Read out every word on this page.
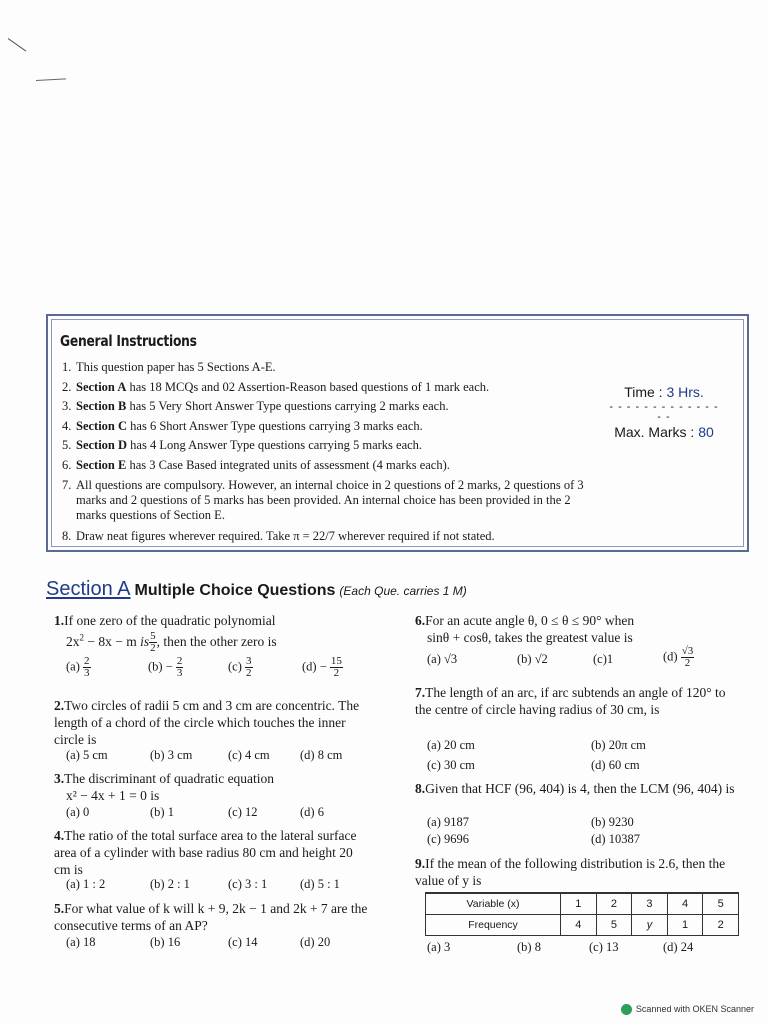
General Instructions
1. This question paper has 5 Sections A-E.
2. Section A has 18 MCQs and 02 Assertion-Reason based questions of 1 mark each.
3. Section B has 5 Very Short Answer Type questions carrying 2 marks each.
4. Section C has 6 Short Answer Type questions carrying 3 marks each.
5. Section D has 4 Long Answer Type questions carrying 5 marks each.
6. Section E has 3 Case Based integrated units of assessment (4 marks each).
7. All questions are compulsory. However, an internal choice in 2 questions of 2 marks, 2 questions of 3 marks and 2 questions of 5 marks has been provided. An internal choice has been provided in the 2 marks questions of Section E.
8. Draw neat figures wherever required. Take π = 22/7 wherever required if not stated.
Time : 3 Hrs.
- - - - - - - - - - - - - - -
Max. Marks : 80
Section A Multiple Choice Questions (Each Que. carries 1 M)
1.If one zero of the quadratic polynomial
$2x^2 - 8x - m$ is $\frac{5}{2}$ , then the other zero is
$(a) \frac{2}{3}$	$(b) - \frac{2}{3}$	$(c) \frac{3}{2}$	$(d) - \frac{15}{2}$
2.Two circles of radii 5 cm and 3 cm are concentric. The length of a chord of the circle which touches the inner circle is
(a) 5 cm	(b) 3 cm	(c) 4 cm (d) 8 cm
3.The discriminant of quadratic equation
x² − 4x + 1 = 0 is
(a) 0	(b) 1	(c) 12	(d) 6
4.The ratio of the total surface area to the lateral surface area of a cylinder with base radius 80 cm and height 20 cm is
(a) 1 : 2	(b) 2 : 1	(c) 3 : 1	(d) 5 : 1
5.For what value of k will k + 9, 2k − 1 and 2k + 7 are the consecutive terms of an AP?
(a) 18	(b) 16	(c) 14	(d) 20
6.For an acute angle θ, 0 ≤ θ ≤ 90° when
sinθ + cosθ, takes the greatest value is
(a) √3	(b) √2	(c)1	$(d) \frac{√3}{2}$
7.The length of an arc, if arc subtends an angle of 120° to the centre of circle having radius of 30 cm, is
(a) 20 cm	(b) 20π cm
(c) 30 cm	(d) 60 cm
8.Given that HCF (96, 404) is 4, then the LCM (96, 404) is
(a) 9187	(b) 9230
(c) 9696	(d) 10387
9.If the mean of the following distribution is 2.6, then the value of y is
Variable (x)	1	2	3	4	5
Frequency	4	5	y	1	2
(a) 3	(b) 8	(c) 13	(d) 24
Scanned with OKEN Scanner
